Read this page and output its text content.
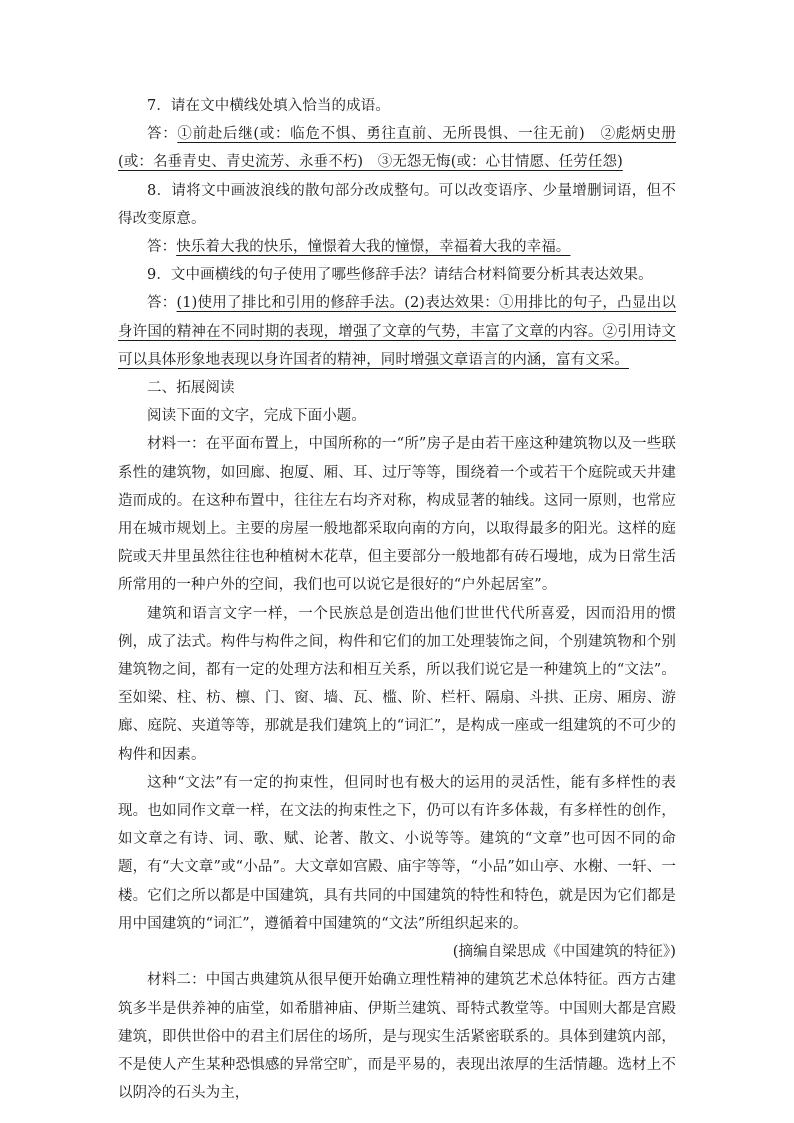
7．请在文中横线处填入恰当的成语。

答：①前赴后继(或：临危不惧、勇往直前、无所畏惧、一往无前)　②彪炳史册(或：名垂青史、青史流芳、永垂不朽)　③无怨无悔(或：心甘情愿、任劳任怨)

8．请将文中画波浪线的散句部分改成整句。可以改变语序、少量增删词语，但不得改变原意。

答：快乐着大我的快乐，憧憬着大我的憧憬，幸福着大我的幸福。

9．文中画横线的句子使用了哪些修辞手法？请结合材料简要分析其表达效果。

答：(1)使用了排比和引用的修辞手法。(2)表达效果：①用排比的句子，凸显出以身许国的精神在不同时期的表现，增强了文章的气势，丰富了文章的内容。②引用诗文可以具体形象地表现以身许国者的精神，同时增强文章语言的内涵，富有文采。

二、拓展阅读

阅读下面的文字，完成下面小题。

材料一：在平面布置上，中国所称的一“所”房子是由若干座这种建筑物以及一些联系性的建筑物，如回廊、抱厦、厢、耳、过厅等等，围绕着一个或若干个庭院或天井建造而成的。在这种布置中，往往左右均齐对称，构成显著的轴线。这同一原则，也常应用在城市规划上。主要的房屋一般地都采取向南的方向，以取得最多的阳光。这样的庭院或天井里虽然往往也种植树木花草，但主要部分一般地都有砖石墁地，成为日常生活所常用的一种户外的空间，我们也可以说它是很好的“户外起居室”。

建筑和语言文字一样，一个民族总是创造出他们世世代代所喜爱，因而沿用的惯例，成了法式。构件与构件之间，构件和它们的加工处理装饰之间，个别建筑物和个别建筑物之间，都有一定的处理方法和相互关系，所以我们说它是一种建筑上的“文法”。至如梁、柱、枋、檩、门、窗、墙、瓦、槛、阶、栏杆、隔扇、斗拱、正房、厢房、游廊、庭院、夹道等等，那就是我们建筑上的“词汇”，是构成一座或一组建筑的不可少的构件和因素。

这种“文法”有一定的拘束性，但同时也有极大的运用的灵活性，能有多样性的表现。也如同作文章一样，在文法的拘束性之下，仍可以有许多体裁，有多样性的创作，如文章之有诗、词、歌、赋、论著、散文、小说等等。建筑的“文章”也可因不同的命题，有“大文章”或“小品”。大文章如宫殿、庙宇等等，“小品”如山亭、水榭、一轩、一楼。它们之所以都是中国建筑，具有共同的中国建筑的特性和特色，就是因为它们都是用中国建筑的“词汇”，遵循着中国建筑的“文法”所组织起来的。

(摘编自梁思成《中国建筑的特征》)

材料二：中国古典建筑从很早便开始确立理性精神的建筑艺术总体特征。西方古建筑多半是供养神的庙堂，如希腊神庙、伊斯兰建筑、哥特式教堂等。中国则大都是宫殿建筑，即供世俗中的君主们居住的场所，是与现实生活紧密联系的。具体到建筑内部，不是使人产生某种恐惧感的异常空旷，而是平易的，表现出浓厚的生活情趣。选材上不以阴冷的石头为主，
